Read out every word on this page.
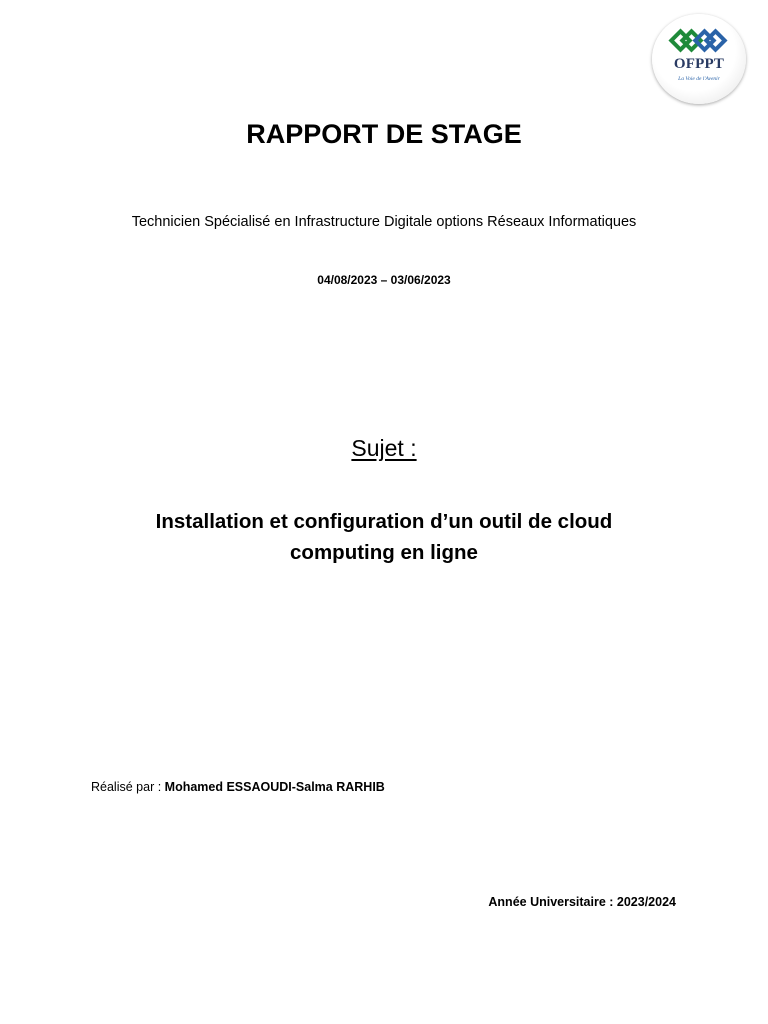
OFPPT
La Voie de l'Avenir
RAPPORT DE STAGE
Technicien Spécialisé en Infrastructure Digitale options Réseaux Informatiques
04/08/2023 – 03/06/2023
Sujet :
Installation et configuration d’un outil de cloud
computing en ligne
Réalisé par : Mohamed ESSAOUDI-Salma RARHIB
Année Universitaire : 2023/2024
